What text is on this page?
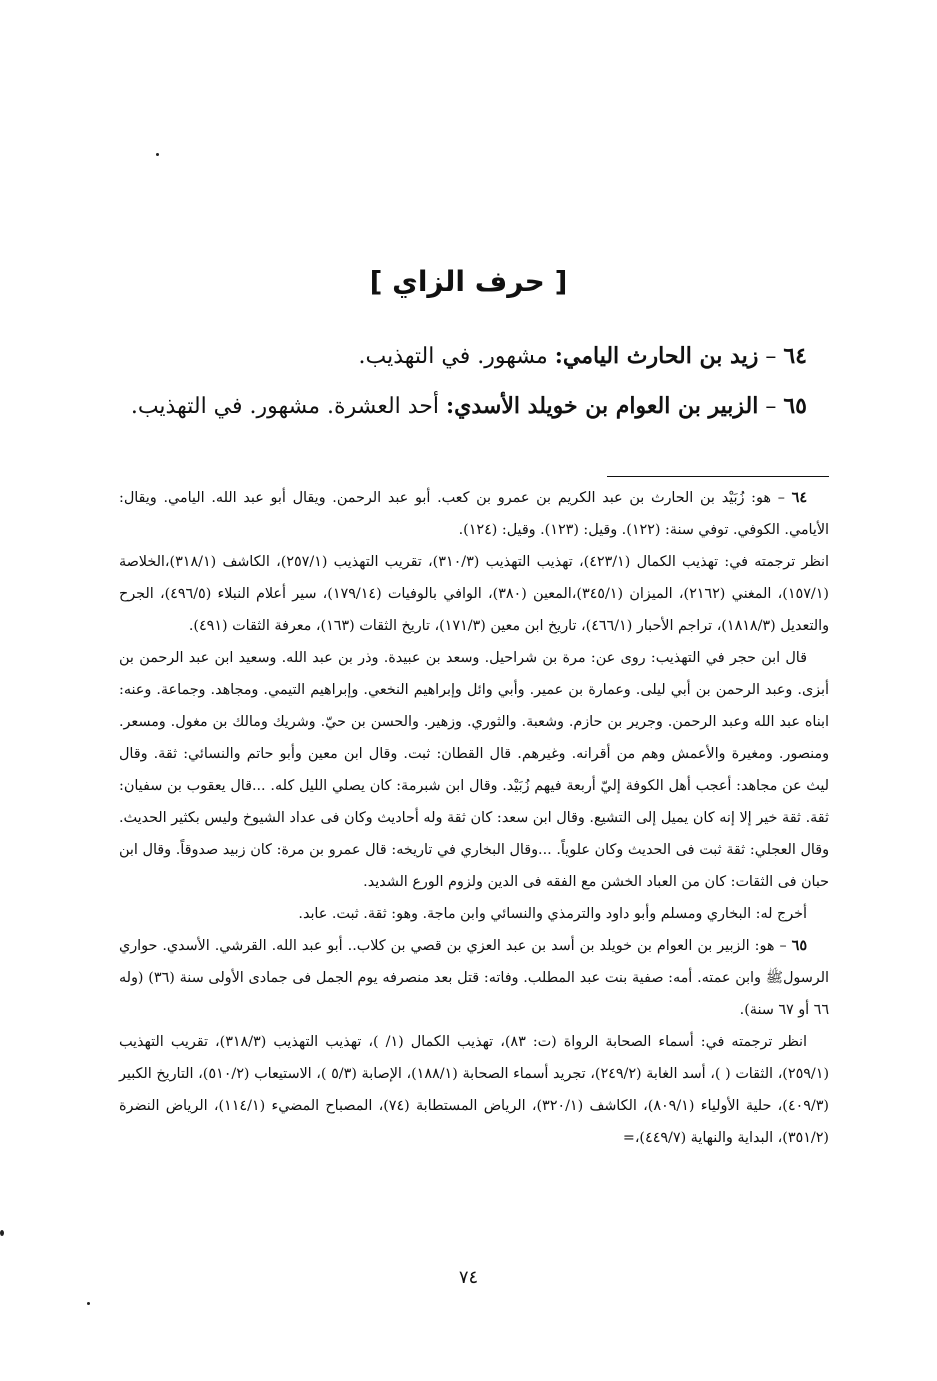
[ حرف الزاي ]
٦٤ – زيد بن الحارث اليامي: مشهور. في التهذيب.
٦٥ – الزبير بن العوام بن خويلد الأسدي: أحد العشرة. مشهور. في التهذيب.

٦٤ – هو: زُبَيْد بن الحارث بن عبد الكريم بن عمرو بن كعب. أبو عبد الرحمن. ويقال أبو عبد الله. اليامي. ويقال: الأيامي. الكوفي. توفي سنة: (١٢٢). وقيل: (١٢٣). وقيل: (١٢٤).

انظر ترجمته في: تهذيب الكمال (٤٢٣/١)، تهذيب التهذيب (٣١٠/٣)، تقريب التهذيب (٢٥٧/١)، الكاشف (٣١٨/١)،الخلاصة (١٥٧/١)، المغني (٢١٦٢)، الميزان (٣٤٥/١)،المعين (٣٨٠)، الوافي بالوفيات (١٧٩/١٤)، سير أعلام النبلاء (٤٩٦/٥)، الجرح والتعديل (١٨١٨/٣)، تراجم الأحبار (٤٦٦/١)، تاريخ ابن معين (١٧١/٣)، تاريخ الثقات (١٦٣)، معرفة الثقات (٤٩١).

قال ابن حجر في التهذيب: روى عن: مرة بن شراحيل. وسعد بن عبيدة. وذر بن عبد الله. وسعيد ابن عبد الرحمن بن أبزى. وعبد الرحمن بن أبي ليلى. وعمارة بن عمير. وأبي وائل وإبراهيم النخعي. وإبراهيم التيمي. ومجاهد. وجماعة. وعنه: ابناه عبد الله وعبد الرحمن. وجرير بن حازم. وشعبة. والثوري. وزهير. والحسن بن حيّ. وشريك ومالك بن مغول. ومسعر. ومنصور. ومغيرة والأعمش وهم من أقرانه. وغيرهم. قال القطان: ثبت. وقال ابن معين وأبو حاتم والنسائي: ثقة. وقال ليث عن مجاهد: أعجب أهل الكوفة إليّ أربعة فيهم زُبَيْد. وقال ابن شبرمة: كان يصلي الليل كله. ...قال يعقوب بن سفيان: ثقة. ثقة خير إلا إنه كان يميل إلى التشيع. وقال ابن سعد: كان ثقة وله أحاديث وكان فى عداد الشيوخ وليس بكثير الحديث. وقال العجلي: ثقة ثبت فى الحديث وكان علوياً. ...وقال البخاري في تاريخه: قال عمرو بن مرة: كان زبيد صدوقاً. وقال ابن حبان فى الثقات: كان من العباد الخشن مع الفقه فى الدين ولزوم الورع الشديد.

أخرج له: البخاري ومسلم وأبو داود والترمذي والنسائي وابن ماجة. وهو: ثقة. ثبت. عابد.

٦٥ – هو: الزبير بن العوام بن خويلد بن أسد بن عبد العزي بن قصي بن كلاب.. أبو عبد الله. القرشي. الأسدي. حواري الرسولﷺ وابن عمته. أمه: صفية بنت عبد المطلب. وفاته: قتل بعد منصرفه يوم الجمل فى جمادى الأولى سنة (٣٦) (وله ٦٦ أو ٦٧ سنة).

انظر ترجمته في: أسماء الصحابة الرواة (ت: ٨٣)، تهذيب الكمال (١/ )، تهذيب التهذيب (٣١٨/٣)، تقريب التهذيب (٢٥٩/١)، الثقات ( )، أسد الغابة (٢٤٩/٢)، تجريد أسماء الصحابة (١٨٨/١)، الإصابة (٥/٣ )، الاستيعاب (٥١٠/٢)، التاريخ الكبير (٤٠٩/٣)، حلية الأولياء (٨٠٩/١)، الكاشف (٣٢٠/١)، الرياض المستطابة (٧٤)، المصباح المضيء (١١٤/١)، الرياض النضرة (٣٥١/٢)، البداية والنهاية (٤٤٩/٧)،=

٧٤
